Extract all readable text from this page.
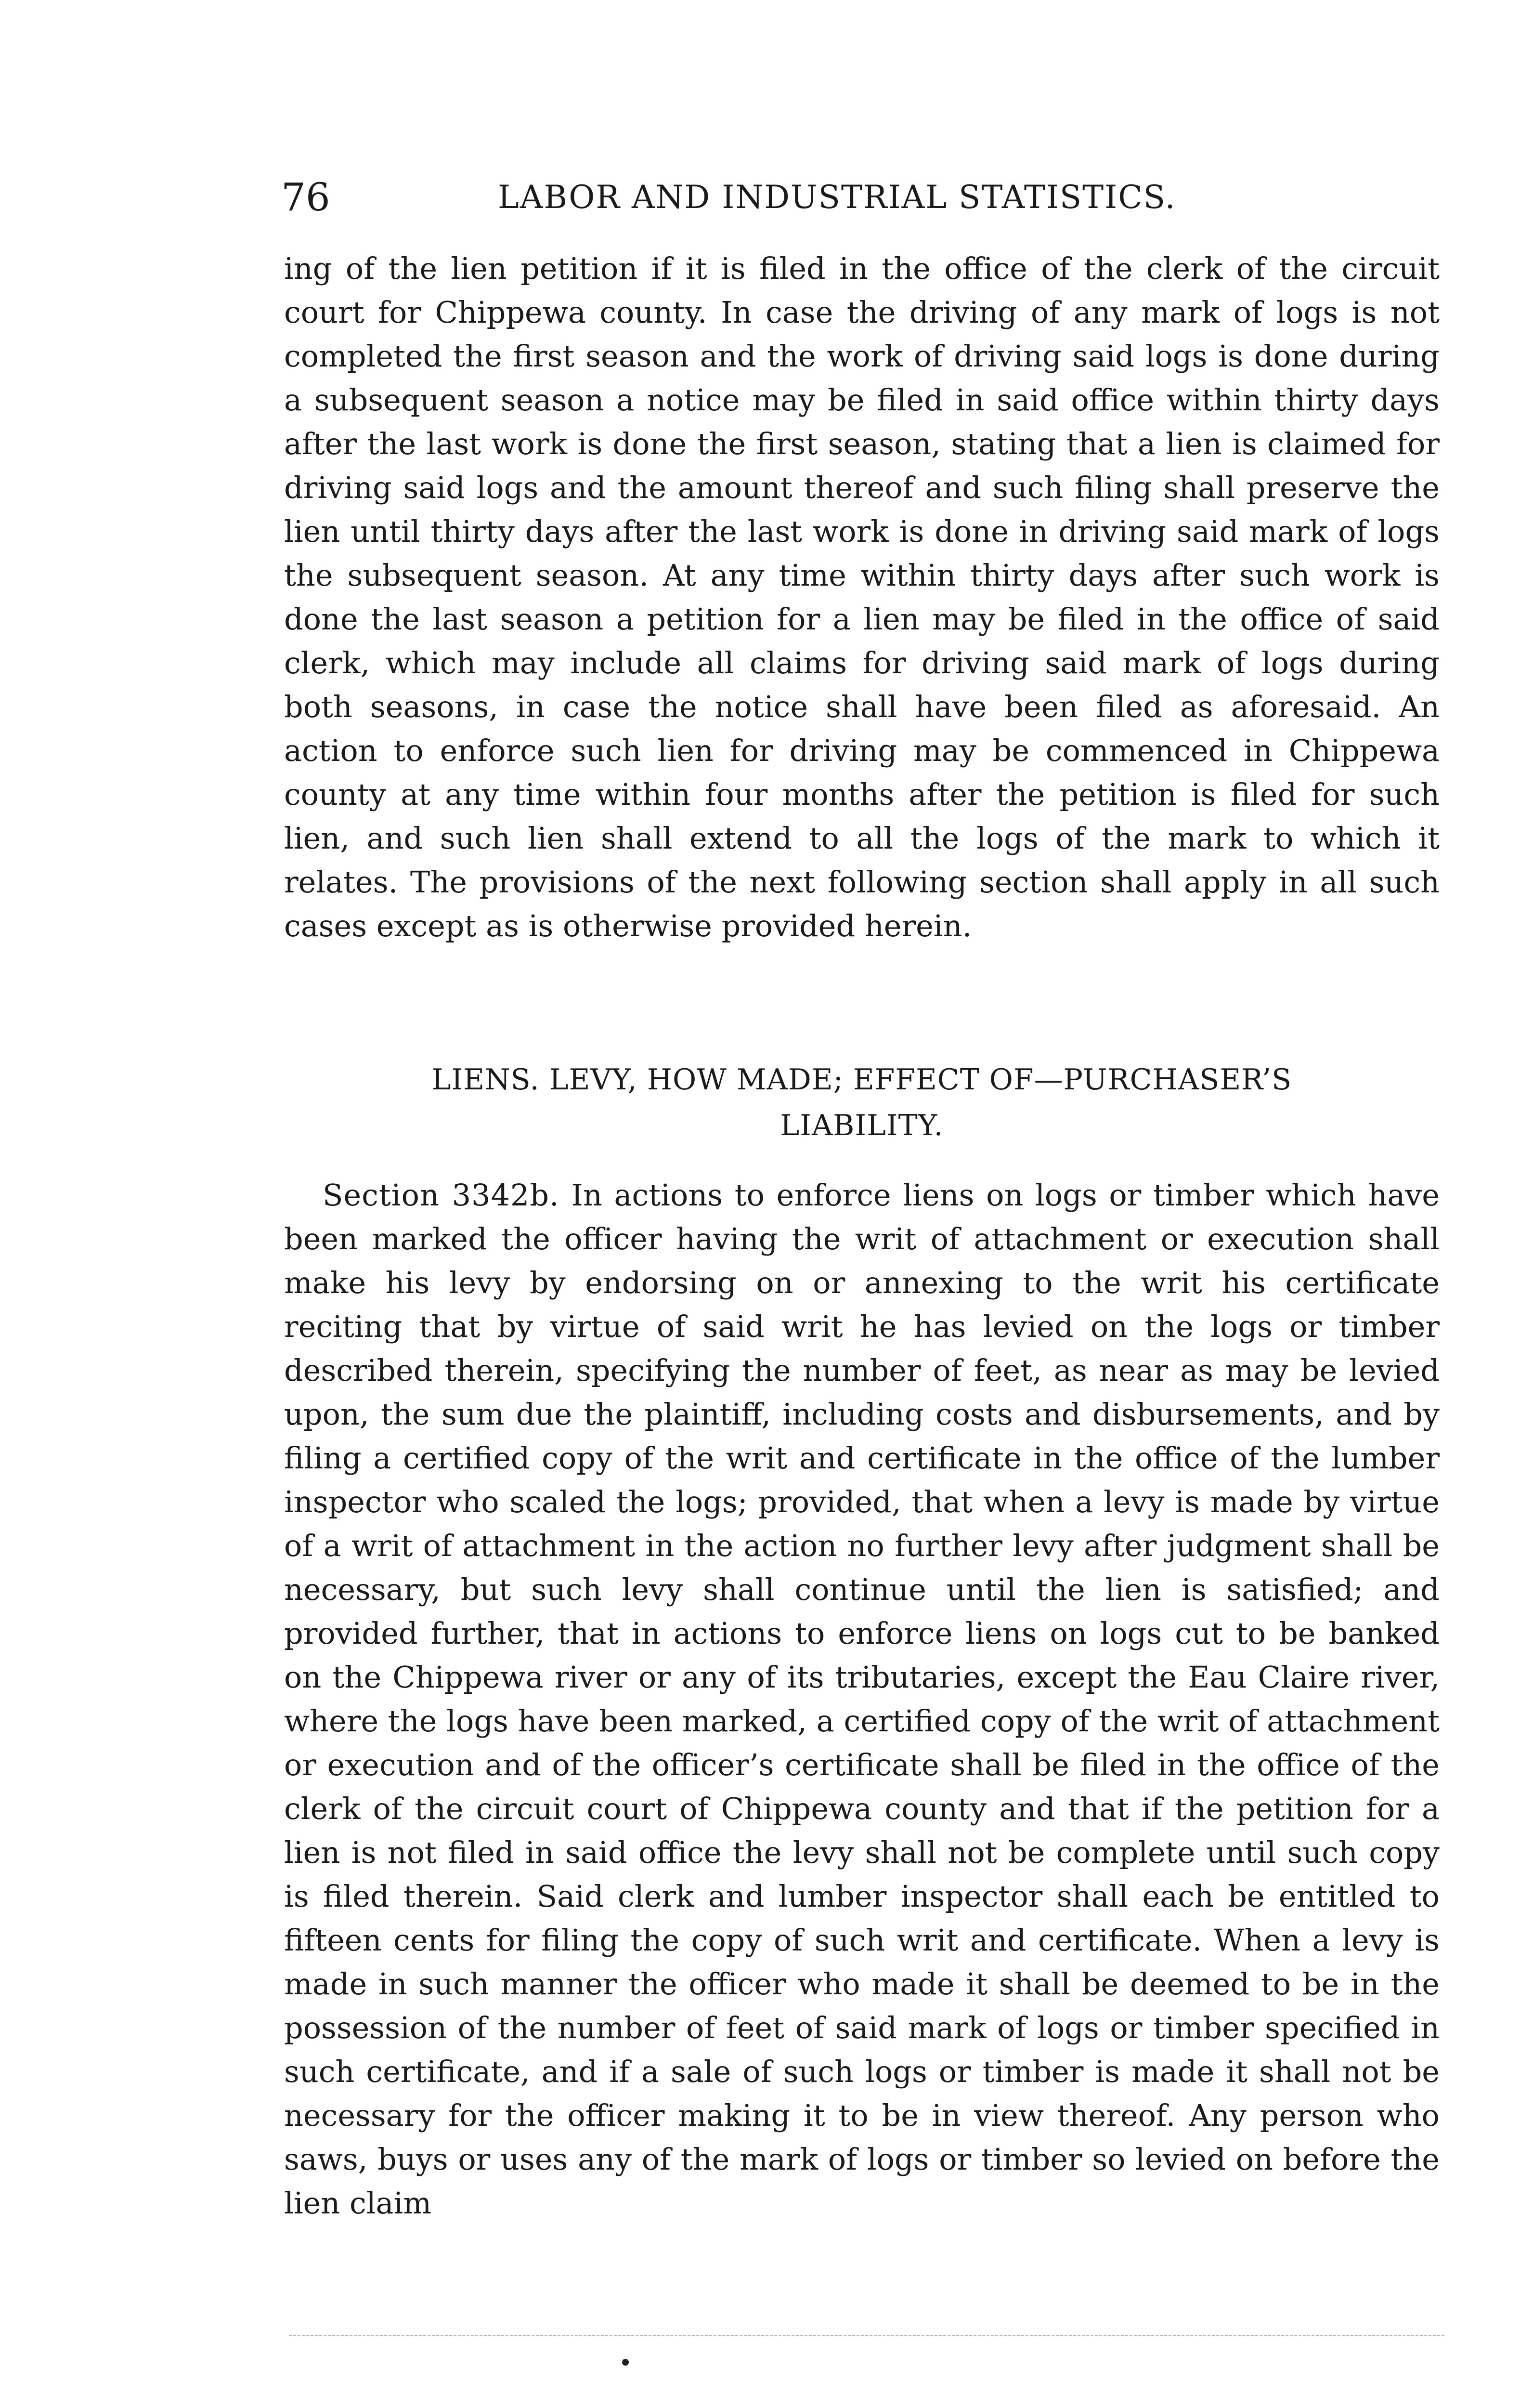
76	LABOR AND INDUSTRIAL STATISTICS.

ing of the lien petition if it is filed in the office of the clerk of the circuit court for Chippewa county. In case the driving of any mark of logs is not completed the first season and the work of driving said logs is done during a subsequent season a notice may be filed in said office within thirty days after the last work is done the first season, stating that a lien is claimed for driving said logs and the amount thereof and such filing shall preserve the lien until thirty days after the last work is done in driving said mark of logs the subsequent season. At any time within thirty days after such work is done the last season a petition for a lien may be filed in the office of said clerk, which may include all claims for driving said mark of logs during both seasons, in case the notice shall have been filed as aforesaid. An action to enforce such lien for driving may be commenced in Chippewa county at any time within four months after the petition is filed for such lien, and such lien shall extend to all the logs of the mark to which it relates. The provisions of the next following section shall apply in all such cases except as is otherwise provided herein.

LIENS. LEVY, HOW MADE; EFFECT OF—PURCHASER’S
LIABILITY.

Section 3342b. In actions to enforce liens on logs or timber which have been marked the officer having the writ of attachment or execution shall make his levy by endorsing on or annexing to the writ his certificate reciting that by virtue of said writ he has levied on the logs or timber described therein, specifying the number of feet, as near as may be levied upon, the sum due the plaintiff, including costs and disbursements, and by filing a certified copy of the writ and certificate in the office of the lumber inspector who scaled the logs; provided, that when a levy is made by virtue of a writ of attachment in the action no further levy after judgment shall be necessary, but such levy shall continue until the lien is satisfied; and provided further, that in actions to enforce liens on logs cut to be banked on the Chippewa river or any of its tributaries, except the Eau Claire river, where the logs have been marked, a certified copy of the writ of attachment or execution and of the officer’s certificate shall be filed in the office of the clerk of the circuit court of Chippewa county and that if the petition for a lien is not filed in said office the levy shall not be complete until such copy is filed therein. Said clerk and lumber inspector shall each be entitled to fifteen cents for filing the copy of such writ and certificate. When a levy is made in such manner the officer who made it shall be deemed to be in the possession of the number of feet of said mark of logs or timber specified in such certificate, and if a sale of such logs or timber is made it shall not be necessary for the officer making it to be in view thereof. Any person who saws, buys or uses any of the mark of logs or timber so levied on before the lien claim
